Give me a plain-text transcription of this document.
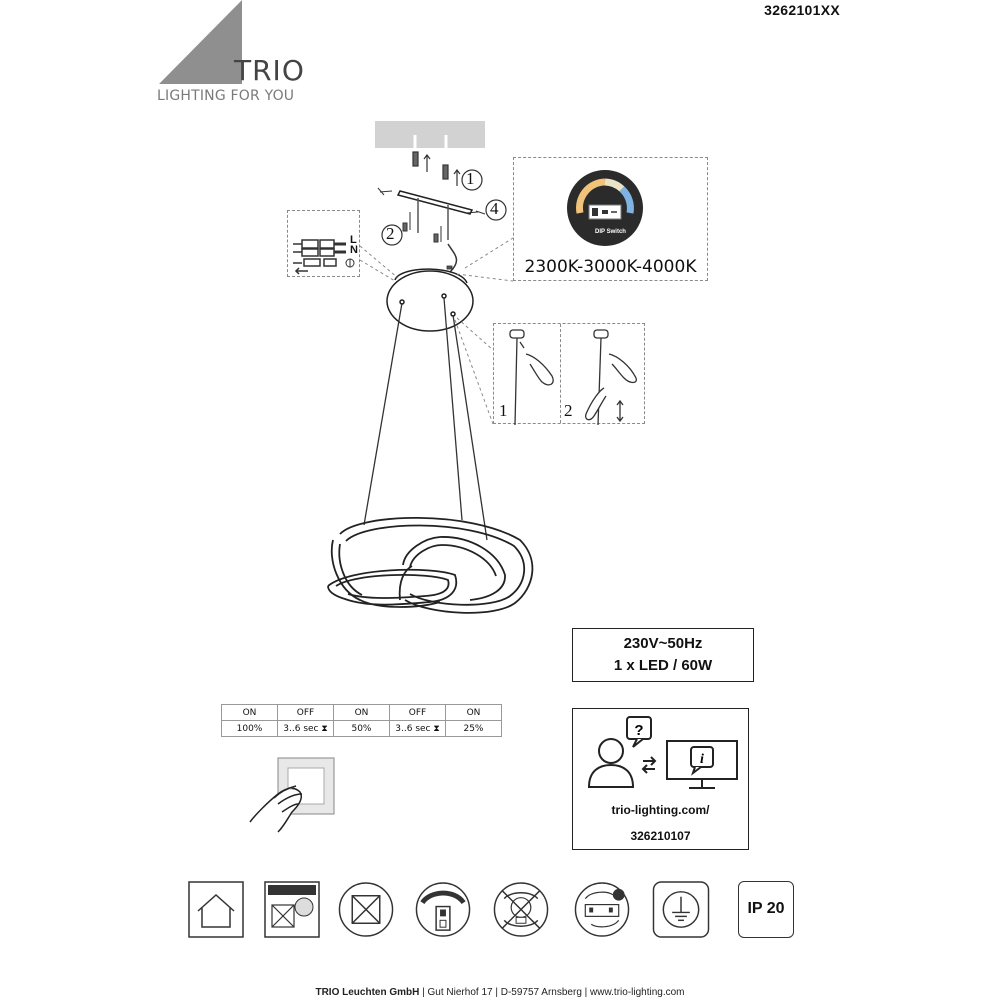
3262101XX
TRIO
LIGHTING FOR YOU
1
2
4
L
N
DIP Switch
2300K-3000K-4000K
1	2
230V~50Hz
1 x LED / 60W
ON	OFF	ON	OFF	ON
100%	3..6 sec ⧗	50%	3..6 sec ⧗	25%	?
i
trio-lighting.com/
326210107
IP 20
TRIO Leuchten GmbH | Gut Nierhof 17 | D-59757 Arnsberg | www.trio-lighting.com
